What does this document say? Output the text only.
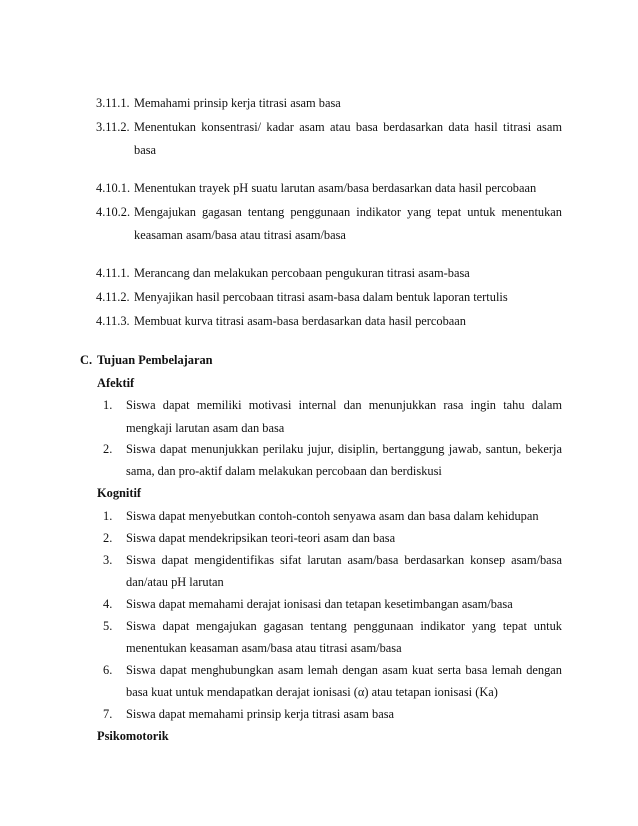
3.11.1. Memahami prinsip kerja titrasi asam basa
3.11.2. Menentukan konsentrasi/ kadar asam atau basa berdasarkan data hasil titrasi asam
basa
4.10.1. Menentukan trayek pH suatu larutan asam/basa berdasarkan data hasil percobaan
4.10.2. Mengajukan gagasan tentang penggunaan indikator yang tepat untuk menentukan
keasaman asam/basa atau titrasi asam/basa
4.11.1. Merancang dan melakukan percobaan pengukuran titrasi asam-basa
4.11.2. Menyajikan hasil percobaan titrasi asam-basa dalam bentuk laporan tertulis
4.11.3. Membuat kurva titrasi asam-basa berdasarkan data hasil percobaan
C. Tujuan Pembelajaran
Afektif
1. Siswa dapat memiliki motivasi internal dan menunjukkan rasa ingin tahu dalam
mengkaji larutan asam dan basa
2. Siswa dapat menunjukkan perilaku jujur, disiplin, bertanggung jawab, santun, bekerja
sama, dan pro-aktif dalam melakukan percobaan dan berdiskusi
Kognitif
1. Siswa dapat menyebutkan contoh-contoh senyawa asam dan basa dalam kehidupan
2. Siswa dapat mendekripsikan teori-teori asam dan basa
3. Siswa dapat mengidentifikas sifat larutan asam/basa berdasarkan konsep asam/basa
dan/atau pH larutan
4. Siswa dapat memahami derajat ionisasi dan tetapan kesetimbangan asam/basa
5. Siswa dapat mengajukan gagasan tentang penggunaan indikator yang tepat untuk
menentukan keasaman asam/basa atau titrasi asam/basa
6. Siswa dapat menghubungkan asam lemah dengan asam kuat serta basa lemah dengan
basa kuat untuk mendapatkan derajat ionisasi (α) atau tetapan ionisasi (Ka)
7. Siswa dapat memahami prinsip kerja titrasi asam basa
Psikomotorik
